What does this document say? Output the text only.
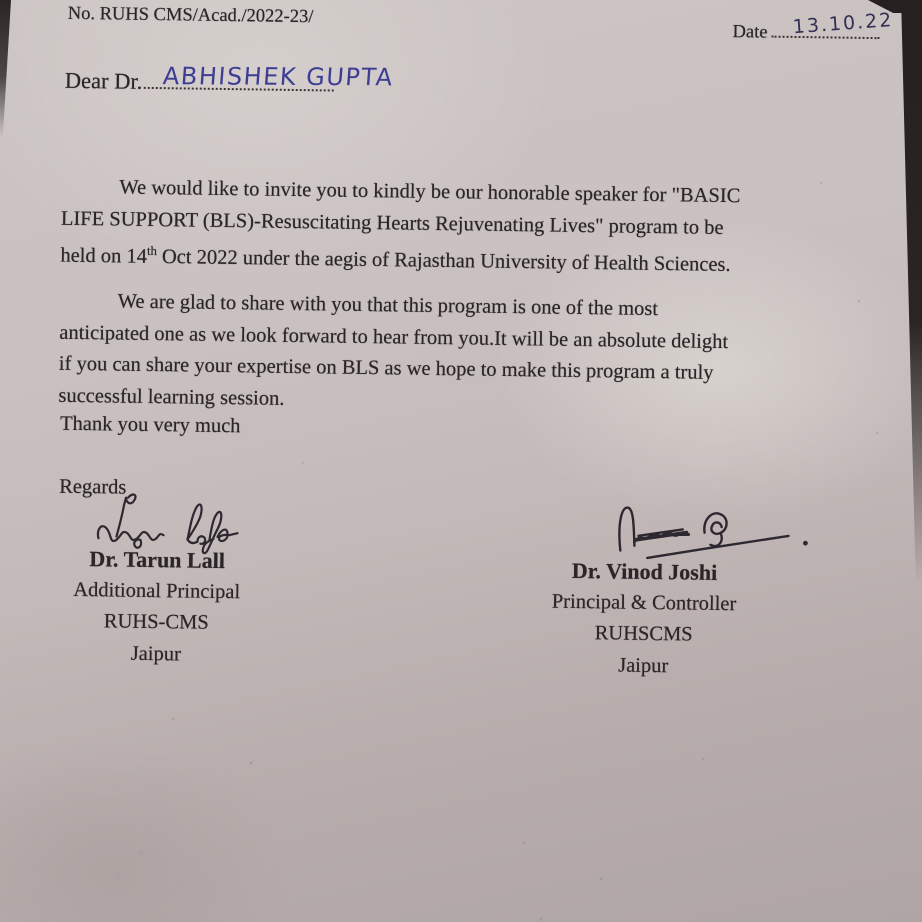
No. RUHS CMS/Acad./2022-23/
Date 13.10.22
Dear Dr. ABHISHEK GUPTA
We would like to invite you to kindly be our honorable speaker for "BASIC
LIFE SUPPORT (BLS)-Resuscitating Hearts Rejuvenating Lives" program to be
held on 14th Oct 2022 under the aegis of Rajasthan University of Health Sciences.
We are glad to share with you that this program is one of the most
anticipated one as we look forward to hear from you.It will be an absolute delight
if you can share your expertise on BLS as we hope to make this program a truly
successful learning session.
Thank you very much
Regards
Dr. Tarun Lall
Additional Principal
RUHS-CMS
Jaipur
Dr. Vinod Joshi
Principal & Controller
RUHSCMS
Jaipur
